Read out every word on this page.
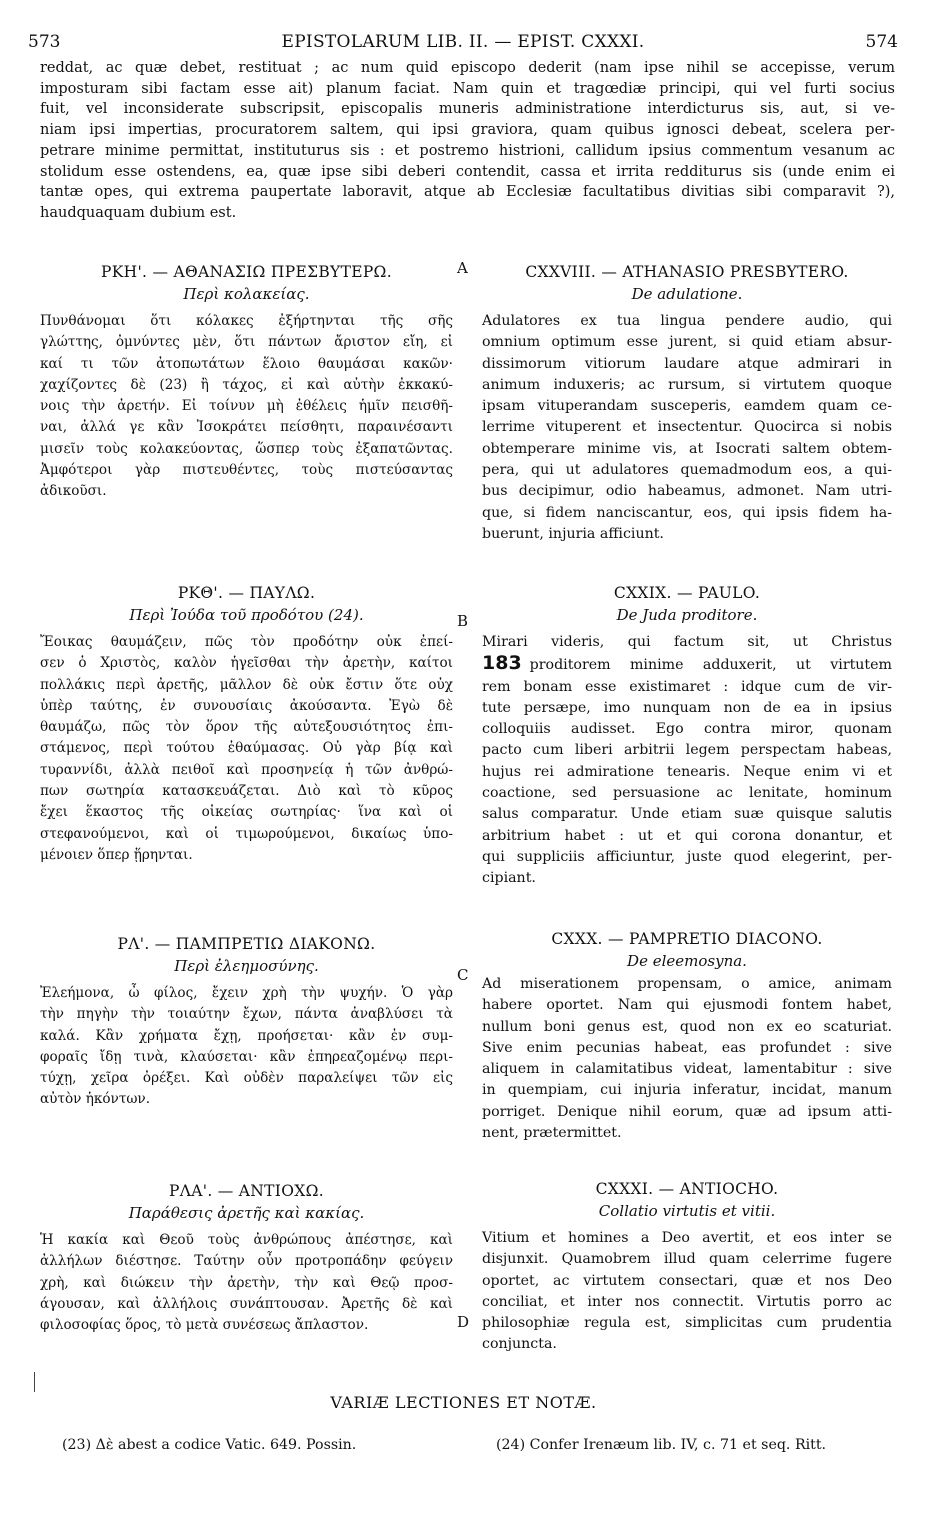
573	EPISTOLARUM LIB. II. — EPIST. CXXXI.	574
reddat, ac quæ debet, restituat ; ac num quid episcopo dederit (nam ipse nihil se accepisse, verum
imposturam sibi factam esse ait) planum faciat. Nam quin et tragœdiæ principi, qui vel furti socius
fuit, vel inconsiderate subscripsit, episcopalis muneris administratione interdicturus sis, aut, si ve-
niam ipsi impertias, procuratorem saltem, qui ipsi graviora, quam quibus ignosci debeat, scelera per-
petrare minime permittat, instituturus sis : et postremo histrioni, callidum ipsius commentum vesanum ac
stolidum esse ostendens, ea, quæ ipse sibi deberi contendit, cassa et irrita redditurus sis (unde enim ei
tantæ opes, qui extrema paupertate laboravit, atque ab Ecclesiæ facultatibus divitias sibi comparavit ?),
haudquaquam dubium est.
A
B
C
D
ΡΚΗ'. — ΑΘΑΝΑΣΙΩ ΠΡΕΣΒΥΤΕΡΩ.
Περὶ κολακείας.
Πυνθάνομαι ὅτι κόλακες ἐξήρτηνται τῆς σῆς
γλώττης, ὀμνύντες μὲν, ὅτι πάντων ἄριστον εἴη, εἰ
καί τι τῶν ἀτοπωτάτων ἕλοιο θαυμάσαι κακῶν·
χαχίζοντες δὲ (23) ἢ τάχος, εἰ καὶ αὐτὴν ἐκκακύ-
νοις τὴν ἀρετήν. Εἰ τοίνυν μὴ ἐθέλεις ἡμῖν πεισθῆ-
ναι, ἀλλά γε κἂν Ἰσοκράτει πείσθητι, παραινέσαντι
μισεῖν τοὺς κολακεύοντας, ὥσπερ τοὺς ἐξαπατῶντας.
Ἀμφότεροι γὰρ πιστευθέντες, τοὺς πιστεύσαντας
ἀδικοῦσι.
ΡΚΘ'. — ΠΑΥΛΩ.
Περὶ Ἰούδα τοῦ προδότου (24).
Ἔοικας θαυμάζειν, πῶς τὸν προδότην οὐκ ἐπεί-
σεν ὁ Χριστὸς, καλὸν ἡγεῖσθαι τὴν ἀρετὴν, καίτοι
πολλάκις περὶ ἀρετῆς, μᾶλλον δὲ οὐκ ἔστιν ὅτε οὐχ
ὑπὲρ ταύτης, ἐν συνουσίαις ἀκούσαντα. Ἐγὼ δὲ
θαυμάζω, πῶς τὸν ὅρον τῆς αὐτεξουσιότητος ἐπι-
στάμενος, περὶ τούτου ἐθαύμασας. Οὐ γὰρ βίᾳ καὶ
τυραννίδι, ἀλλὰ πειθοῖ καὶ προσηνείᾳ ἡ τῶν ἀνθρώ-
πων σωτηρία κατασκευάζεται. Διὸ καὶ τὸ κῦρος
ἔχει ἕκαστος τῆς οἰκείας σωτηρίας· ἵνα καὶ οἱ
στεφανούμενοι, καὶ οἱ τιμωρούμενοι, δικαίως ὑπο-
μένοιεν ὅπερ ᾕρηνται.
ΡΛ'. — ΠΑΜΠΡΕΤΙΩ ΔΙΑΚΟΝΩ.
Περὶ ἐλεημοσύνης.
Ἐλεήμονα, ὦ φίλος, ἔχειν χρὴ τὴν ψυχήν. Ὁ γὰρ
τὴν πηγὴν τὴν τοιαύτην ἔχων, πάντα ἀναβλύσει τὰ
καλά. Κἂν χρήματα ἔχῃ, προήσεται· κἂν ἐν συμ-
φοραῖς ἴδῃ τινὰ, κλαύσεται· κἂν ἐπηρεαζομένῳ περι-
τύχῃ, χεῖρα ὀρέξει. Καὶ οὐδὲν παραλείψει τῶν εἰς
αὐτὸν ἡκόντων.
ΡΛΑ'. — ΑΝΤΙΟΧΩ.
Παράθεσις ἀρετῆς καὶ κακίας.
Ἡ κακία καὶ Θεοῦ τοὺς ἀνθρώπους ἀπέστησε, καὶ
ἀλλήλων διέστησε. Ταύτην οὖν προτροπάδην φεύγειν
χρὴ, καὶ διώκειν τὴν ἀρετὴν, τὴν καὶ Θεῷ προσ-
άγουσαν, καὶ ἀλλήλοις συνάπτουσαν. Ἀρετῆς δὲ καὶ
φιλοσοφίας ὅρος, τὸ μετὰ συνέσεως ἄπλαστον.
CXXVIII. — ATHANASIO PRESBYTERO.
De adulatione.
Adulatores ex tua lingua pendere audio, qui
omnium optimum esse jurent, si quid etiam absur-
dissimorum vitiorum laudare atque admirari in
animum induxeris; ac rursum, si virtutem quoque
ipsam vituperandam susceperis, eamdem quam ce-
lerrime vituperent et insectentur. Quocirca si nobis
obtemperare minime vis, at Isocrati saltem obtem-
pera, qui ut adulatores quemadmodum eos, a qui-
bus decipimur, odio habeamus, admonet. Nam utri-
que, si fidem nanciscantur, eos, qui ipsis fidem ha-
buerunt, injuria afficiunt.
CXXIX. — PAULO.
De Juda proditore.
Mirari videris, qui factum sit, ut Christus
183 proditorem minime adduxerit, ut virtutem
rem bonam esse existimaret : idque cum de vir-
tute persæpe, imo nunquam non de ea in ipsius
colloquiis audisset. Ego contra miror, quonam
pacto cum liberi arbitrii legem perspectam habeas,
hujus rei admiratione tenearis. Neque enim vi et
coactione, sed persuasione ac lenitate, hominum
salus comparatur. Unde etiam suæ quisque salutis
arbitrium habet : ut et qui corona donantur, et
qui suppliciis afficiuntur, juste quod elegerint, per-
cipiant.
CXXX. — PAMPRETIO DIACONO.
De eleemosyna.
Ad miserationem propensam, o amice, animam
habere oportet. Nam qui ejusmodi fontem habet,
nullum boni genus est, quod non ex eo scaturiat.
Sive enim pecunias habeat, eas profundet : sive
aliquem in calamitatibus videat, lamentabitur : sive
in quempiam, cui injuria inferatur, incidat, manum
porriget. Denique nihil eorum, quæ ad ipsum atti-
nent, prætermittet.
CXXXI. — ANTIOCHO.
Collatio virtutis et vitii.
Vitium et homines a Deo avertit, et eos inter se
disjunxit. Quamobrem illud quam celerrime fugere
oportet, ac virtutem consectari, quæ et nos Deo
conciliat, et inter nos connectit. Virtutis porro ac
philosophiæ regula est, simplicitas cum prudentia
conjuncta.
VARIÆ LECTIONES ET NOTÆ.
(23) Δὲ abest a codice Vatic. 649. Possin.	(24) Confer Irenæum lib. IV, c. 71 et seq. Ritt.
